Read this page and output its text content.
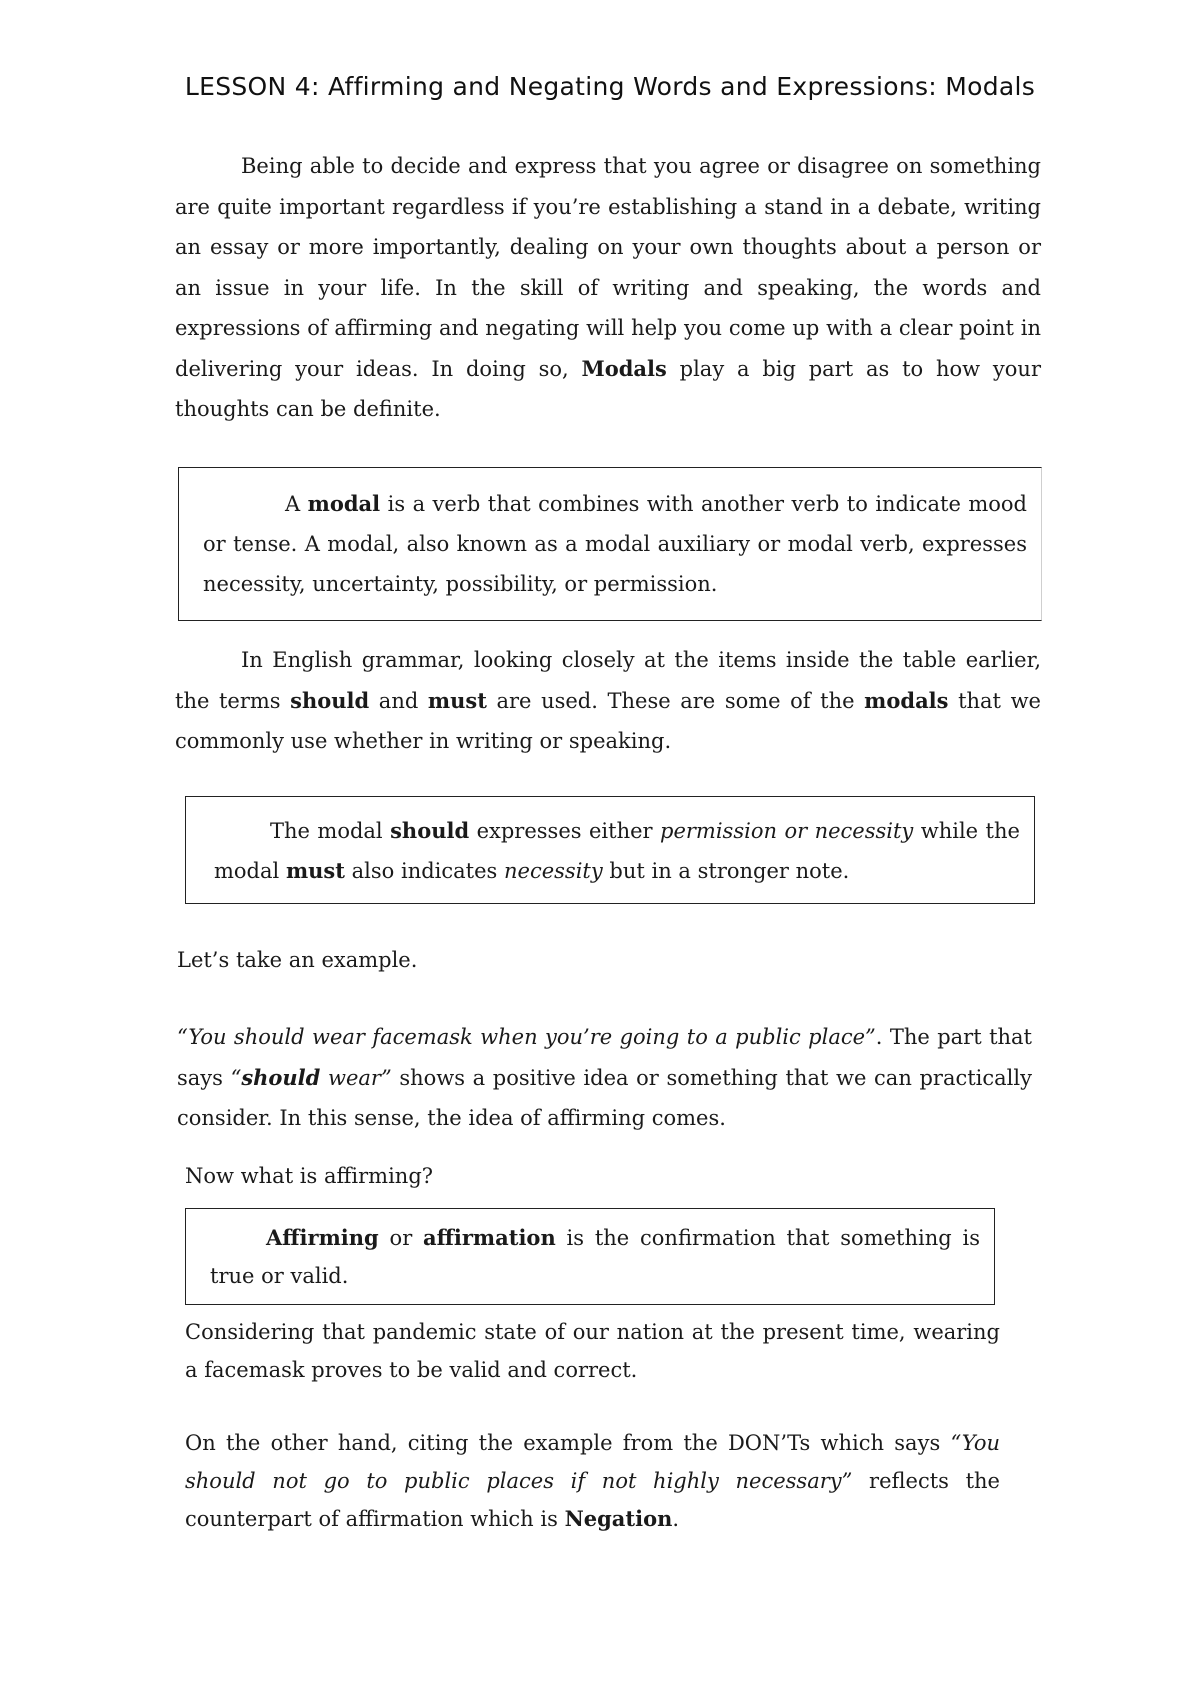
LESSON 4: Affirming and Negating Words and Expressions: Modals

Being able to decide and express that you agree or disagree on something are quite important regardless if you’re establishing a stand in a debate, writing an essay or more importantly, dealing on your own thoughts about a person or an issue in your life. In the skill of writing and speaking, the words and expressions of affirming and negating will help you come up with a clear point in delivering your ideas. In doing so, Modals play a big part as to how your thoughts can be definite.

A modal is a verb that combines with another verb to indicate mood or tense. A modal, also known as a modal auxiliary or modal verb, expresses necessity, uncertainty, possibility, or permission.

In English grammar, looking closely at the items inside the table earlier, the terms should and must are used. These are some of the modals that we commonly use whether in writing or speaking.

The modal should expresses either permission or necessity while the modal must also indicates necessity but in a stronger note.

Let’s take an example.

“You should wear facemask when you’re going to a public place”. The part that says “should wear” shows a positive idea or something that we can practically consider. In this sense, the idea of affirming comes.

Now what is affirming?

Affirming or affirmation is the confirmation that something is true or valid.

Considering that pandemic state of our nation at the present time, wearing a facemask proves to be valid and correct.

On the other hand, citing the example from the DON’Ts which says “You should not go to public places if not highly necessary” reflects the counterpart of affirmation which is Negation.
